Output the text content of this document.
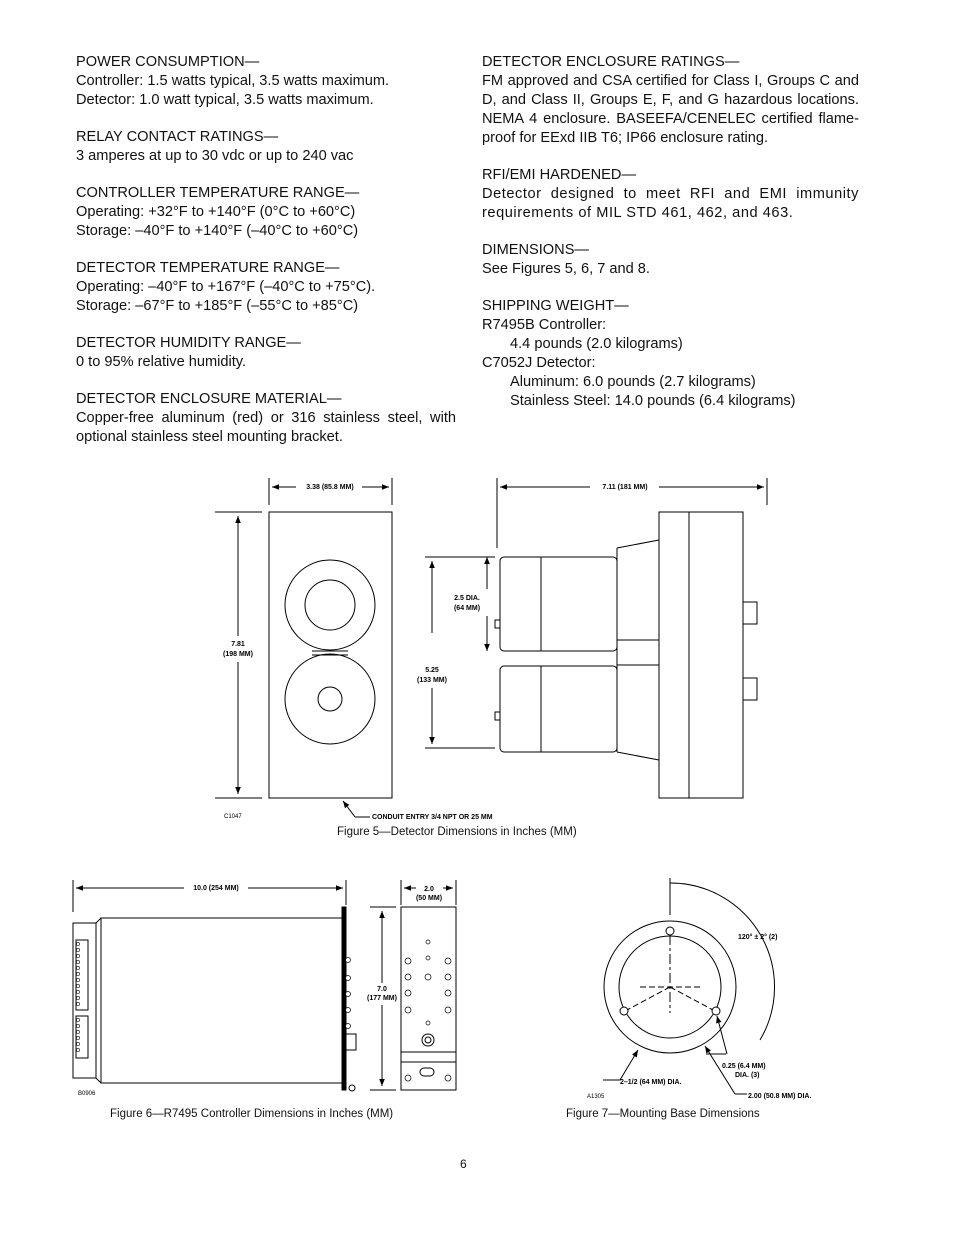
POWER CONSUMPTION—
Controller: 1.5 watts typical, 3.5 watts maximum.
Detector: 1.0 watt typical, 3.5 watts maximum.
RELAY CONTACT RATINGS—
3 amperes at up to 30 vdc or up to 240 vac
CONTROLLER TEMPERATURE RANGE—
Operating: +32°F to +140°F (0°C to +60°C)
Storage: –40°F to +140°F (–40°C to +60°C)
DETECTOR TEMPERATURE RANGE—
Operating: –40°F to +167°F (–40°C to +75°C).
Storage: –67°F to +185°F (–55°C to +85°C)
DETECTOR HUMIDITY RANGE—
0 to 95% relative humidity.
DETECTOR ENCLOSURE MATERIAL—
Copper-free aluminum (red) or 316 stainless steel, with optional stainless steel mounting bracket.
DETECTOR ENCLOSURE RATINGS—
FM approved and CSA certified for Class I, Groups C and D, and Class II, Groups E, F, and G hazardous locations. NEMA 4 enclosure. BASEEFA/CENELEC certified flame-proof for EExd IIB T6; IP66 enclosure rating.
RFI/EMI HARDENED—
Detector designed to meet RFI and EMI immunity requirements of MIL STD 461, 462, and 463.
DIMENSIONS—
See Figures 5, 6, 7 and 8.
SHIPPING WEIGHT—
R7495B Controller:
4.4 pounds (2.0 kilograms)
C7052J Detector:
Aluminum: 6.0 pounds (2.7 kilograms)
Stainless Steel: 14.0 pounds (6.4 kilograms)
3.38 (85.8 MM)	7.11 (181 MM)
7.81
(198 MM)
2.5 DIA.
(64 MM)
5.25
(133 MM)
CONDUIT ENTRY 3/4 NPT OR 25 MM
C1047
Figure 5—Detector Dimensions in Inches (MM)
10.0 (254 MM)	2.0
(50 MM)
7.0
(177 MM)
B0906
Figure 6—R7495 Controller Dimensions in Inches (MM)
120° ± 2° (2)
0.25 (6.4 MM)
DIA. (3)
2–1/2 (64 MM) DIA.
2.00 (50.8 MM) DIA.
A1305
Figure 7—Mounting Base Dimensions
6
